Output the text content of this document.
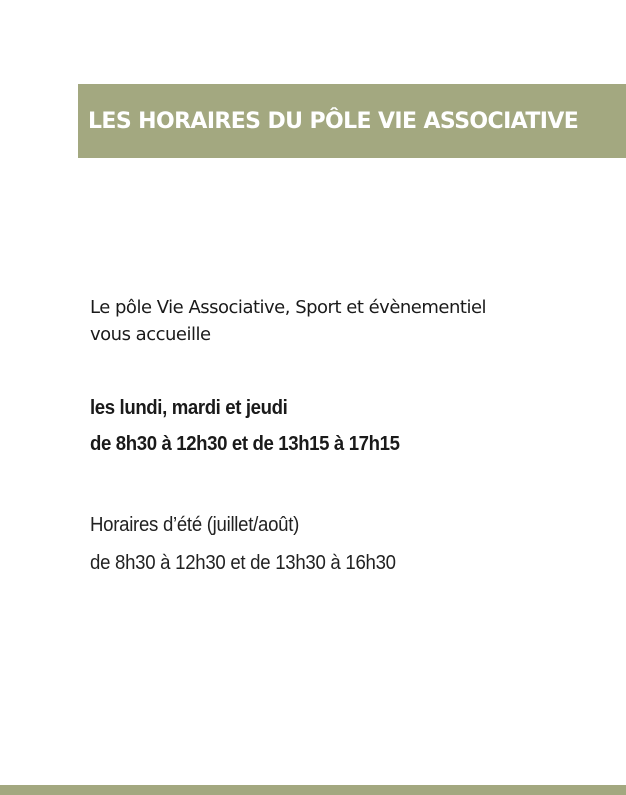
LES HORAIRES DU PÔLE VIE ASSOCIATIVE

Le pôle Vie Associative, Sport et évènementiel

vous accueille

les lundi, mardi et jeudi

de 8h30 à 12h30 et de 13h15 à 17h15

Horaires d’été (juillet/août)

de 8h30 à 12h30 et de 13h30 à 16h30
